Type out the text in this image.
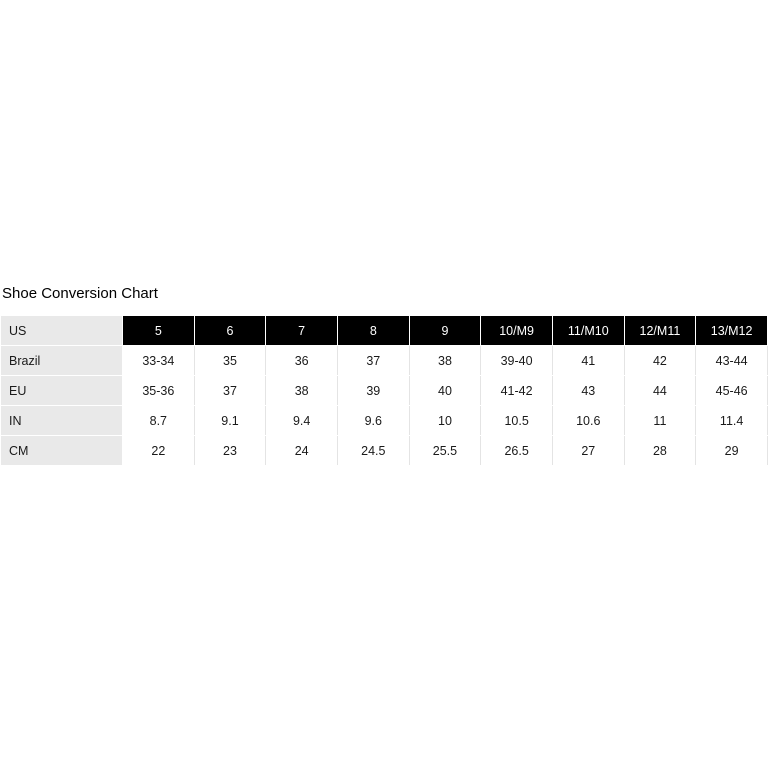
Shoe Conversion Chart
US	5	6	7	8	9	10/M9	11/M10	12/M11	13/M12
Brazil	33-34	35	36	37	38	39-40	41	42	43-44
EU	35-36	37	38	39	40	41-42	43	44	45-46
IN	8.7	9.1	9.4	9.6	10	10.5	10.6	11	11.4
CM	22	23	24	24.5	25.5	26.5	27	28	29
